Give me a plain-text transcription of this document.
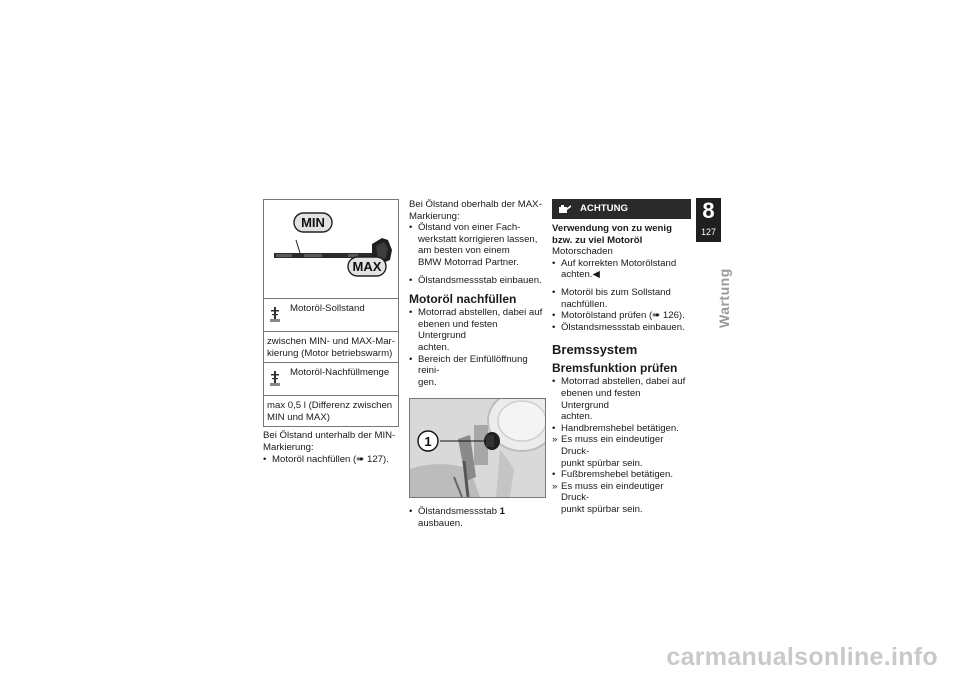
MIN
MAX
Motoröl-Sollstand
zwischen MIN- und MAX-Mar-
kierung (Motor betriebswarm)
Motoröl-Nachfüllmenge
max 0,5 l (Differenz zwischen
MIN und MAX)

Bei Ölstand unterhalb der MIN-

Markierung:

• Motoröl nachfüllen (➠ 127).

Bei Ölstand oberhalb der MAX-

Markierung:

• Ölstand von einer Fach-
werkstatt korrigieren lassen,
am besten von einem
BMW Motorrad Partner.
• Ölstandsmessstab einbauen.
Motoröl nachfüllen
• Motorrad abstellen, dabei auf
ebenen und festen Untergrund
achten.
• Bereich der Einfüllöffnung reini-
gen.
1
• Ölstandsmessstab 1 ausbauen.
ACHTUNG
Verwendung von zu wenig
bzw. zu viel Motoröl
Motorschaden
• Auf korrekten Motorölstand
achten.◀
• Motoröl bis zum Sollstand
nachfüllen.
• Motorölstand prüfen (➠ 126).
• Ölstandsmessstab einbauen.
Bremssystem
Bremsfunktion prüfen
• Motorrad abstellen, dabei auf
ebenen und festen Untergrund
achten.
• Handbremshebel betätigen.
» Es muss ein eindeutiger Druck-
punkt spürbar sein.
• Fußbremshebel betätigen.
» Es muss ein eindeutiger Druck-
punkt spürbar sein.
8
127
Wartung
carmanualsonline.info
